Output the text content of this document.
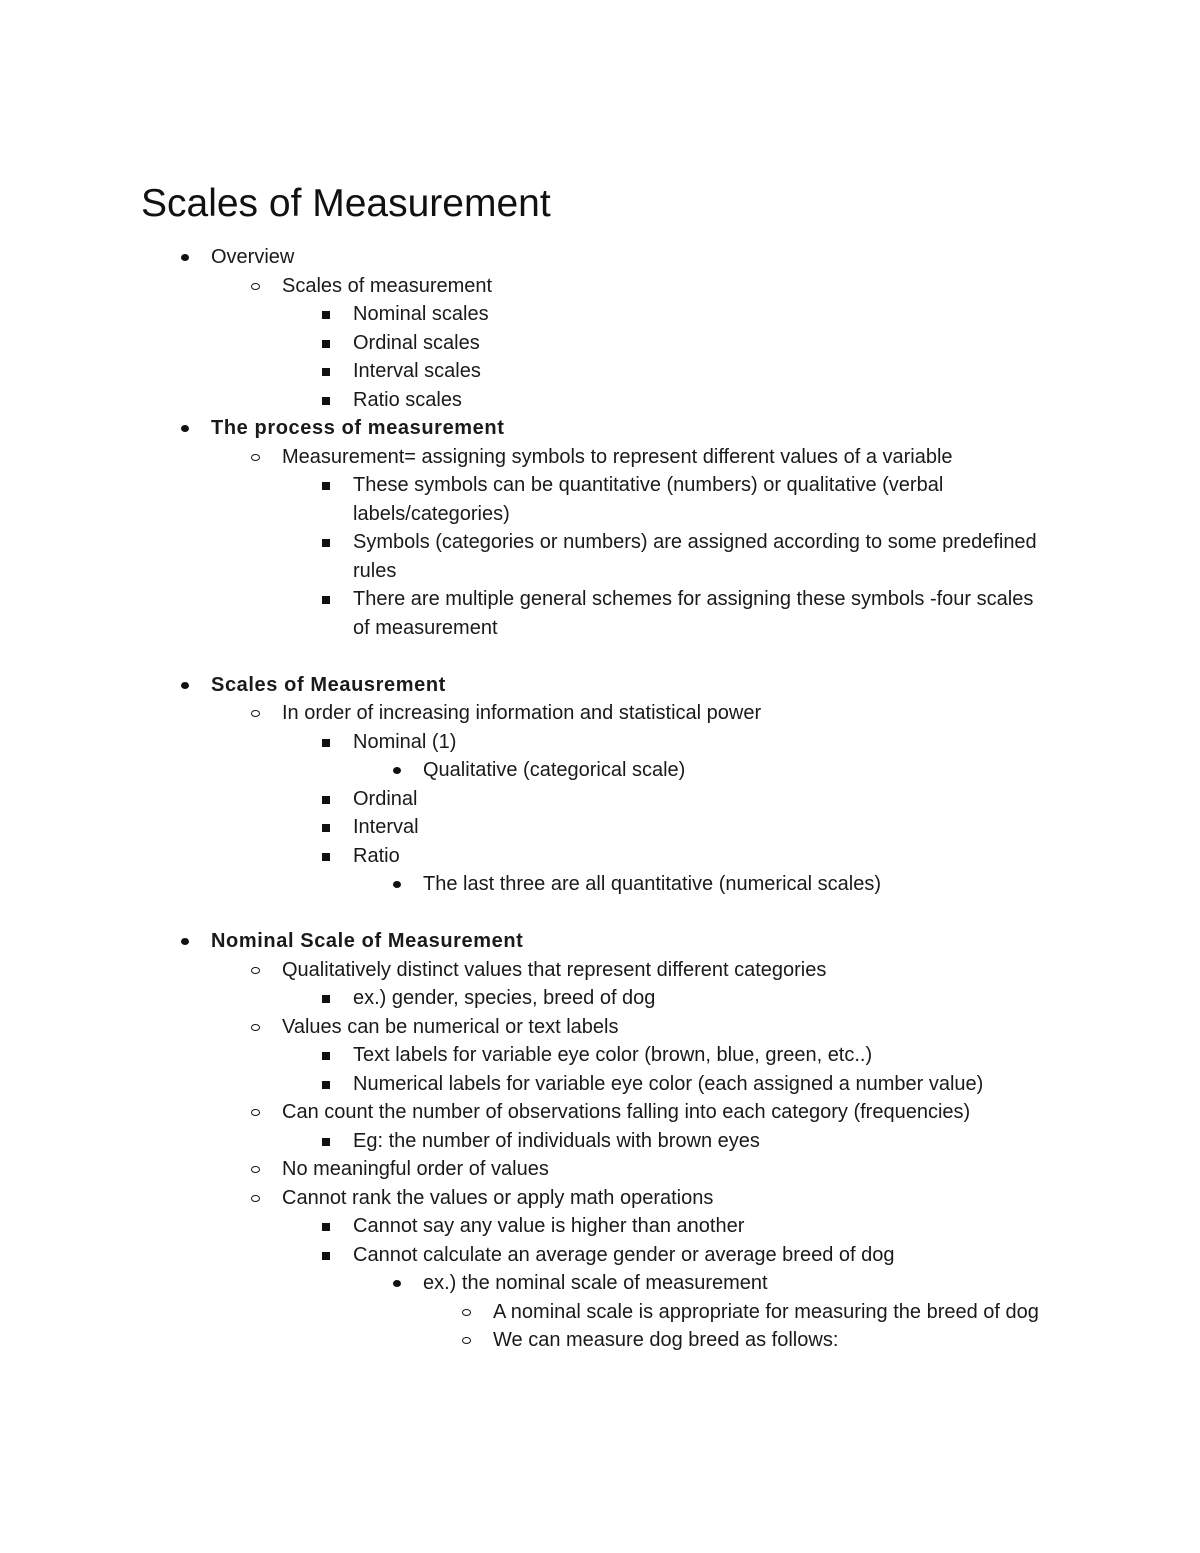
Scales of Measurement
Overview
Scales of measurement
Nominal scales
Ordinal scales
Interval scales
Ratio scales
The process of measurement
Measurement= assigning symbols to represent different values of a variable
These symbols can be quantitative (numbers) or qualitative (verbal labels/categories)
Symbols (categories or numbers) are assigned according to some predefined rules
There are multiple general schemes for assigning these symbols -four scales of measurement
Scales of Meausrement
In order of increasing information and statistical power
Nominal (1)
Qualitative (categorical scale)
Ordinal
Interval
Ratio
The last three are all quantitative (numerical scales)
Nominal Scale of Measurement
Qualitatively distinct values that represent different categories
ex.) gender, species, breed of dog
Values can be numerical or text labels
Text labels for variable eye color (brown, blue, green, etc..)
Numerical labels for variable eye color (each assigned a number value)
Can count the number of observations falling into each category (frequencies)
Eg: the number of individuals with brown eyes
No meaningful order of values
Cannot rank the values or apply math operations
Cannot say any value is higher than another
Cannot calculate an average gender or average breed of dog
ex.) the nominal scale of measurement
A nominal scale is appropriate for measuring the breed of dog
We can measure dog breed as follows:
